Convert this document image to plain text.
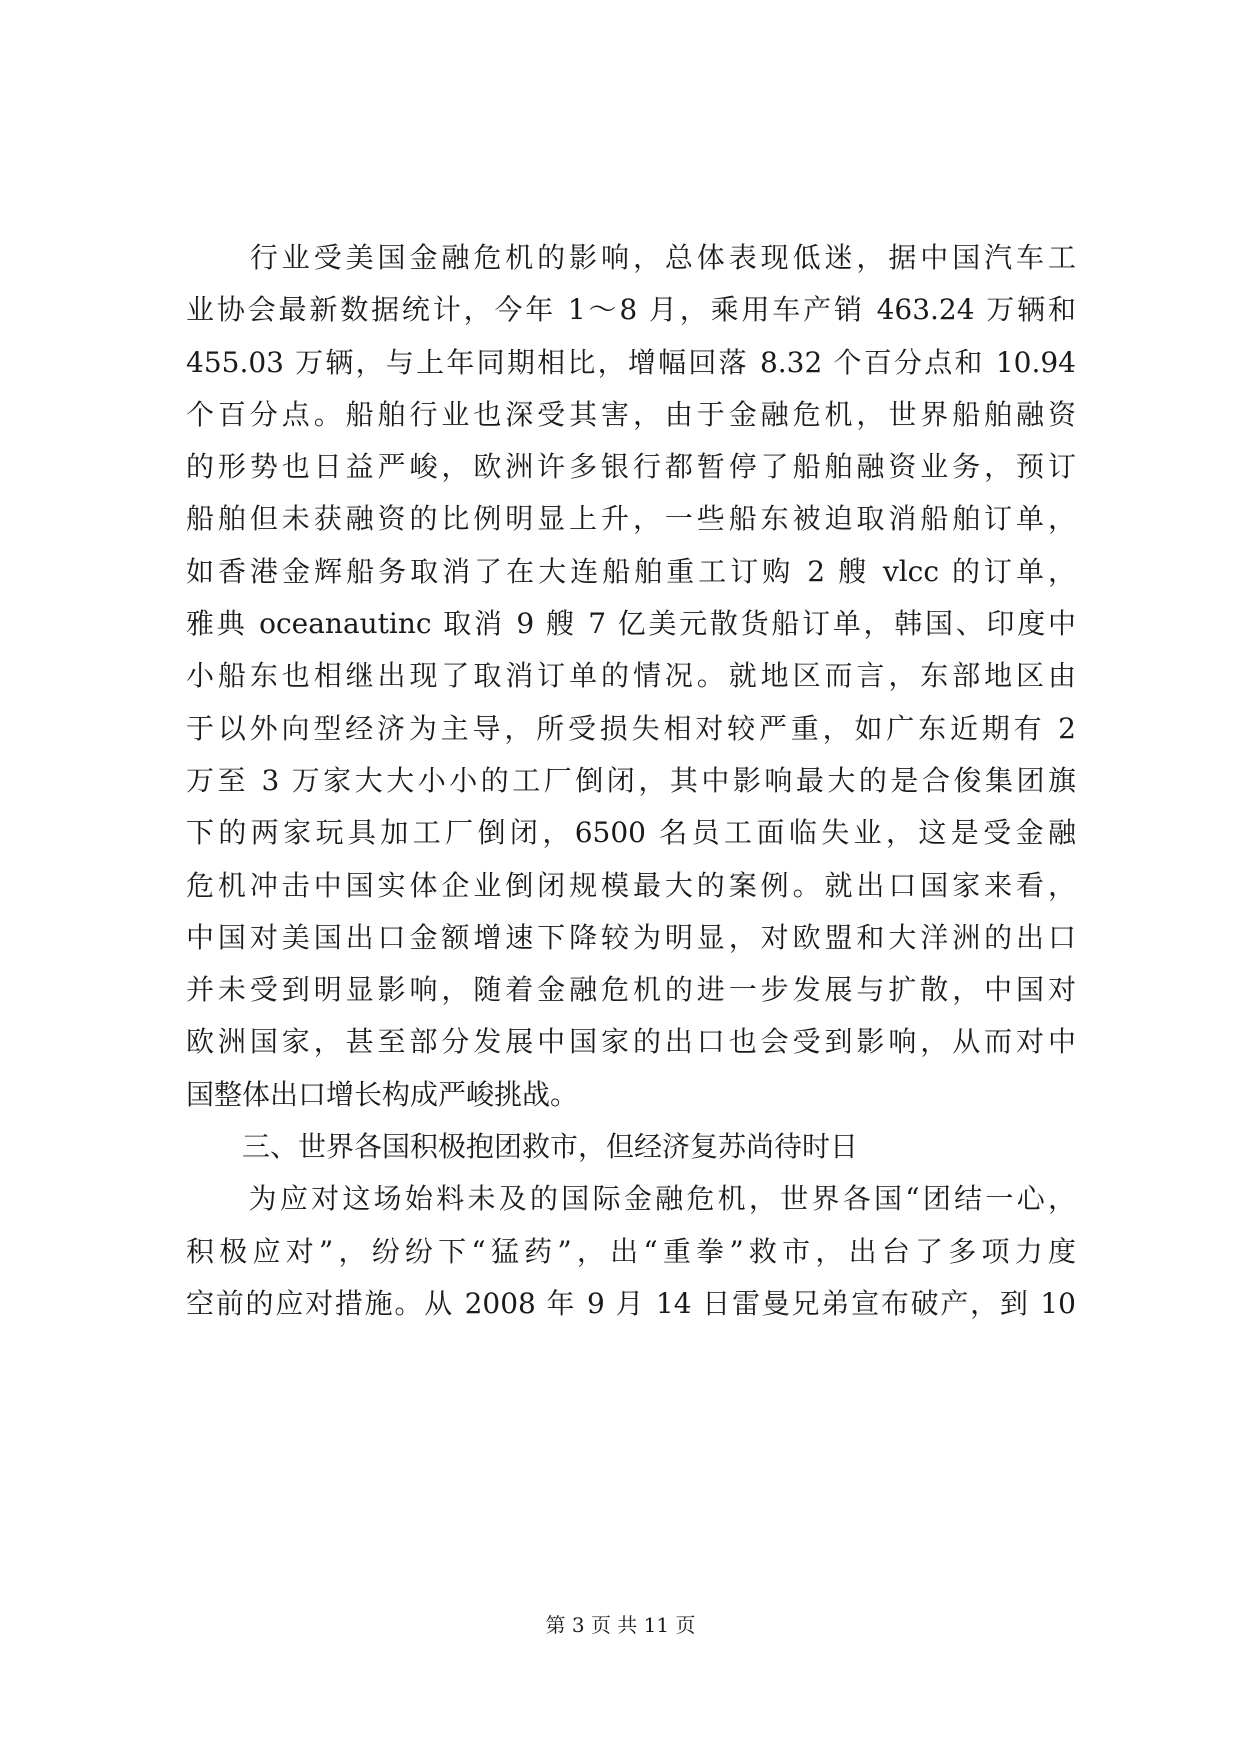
　　行业受美国金融危机的影响，总体表现低迷，据中国汽车工
业协会最新数据统计，今年 1～8 月，乘用车产销 463.24 万辆和
455.03 万辆，与上年同期相比，增幅回落 8.32 个百分点和 10.94
个百分点。船舶行业也深受其害，由于金融危机，世界船舶融资
的形势也日益严峻，欧洲许多银行都暂停了船舶融资业务，预订
船舶但未获融资的比例明显上升，一些船东被迫取消船舶订单，
如香港金辉船务取消了在大连船舶重工订购 2 艘 vlcc 的订单，
雅典 oceanautinc 取消 9 艘 7 亿美元散货船订单，韩国、印度中
小船东也相继出现了取消订单的情况。就地区而言，东部地区由
于以外向型经济为主导，所受损失相对较严重，如广东近期有 2
万至 3 万家大大小小的工厂倒闭，其中影响最大的是合俊集团旗
下的两家玩具加工厂倒闭，6500 名员工面临失业，这是受金融
危机冲击中国实体企业倒闭规模最大的案例。就出口国家来看，
中国对美国出口金额增速下降较为明显，对欧盟和大洋洲的出口
并未受到明显影响，随着金融危机的进一步发展与扩散，中国对
欧洲国家，甚至部分发展中国家的出口也会受到影响，从而对中
国整体出口增长构成严峻挑战。
　　三、世界各国积极抱团救市，但经济复苏尚待时日
　　为应对这场始料未及的国际金融危机，世界各国“团结一心，
积极应对”，纷纷下“猛药”，出“重拳”救市，出台了多项力度
空前的应对措施。从 2008 年 9 月 14 日雷曼兄弟宣布破产，到 10
第 3 页 共 11 页
